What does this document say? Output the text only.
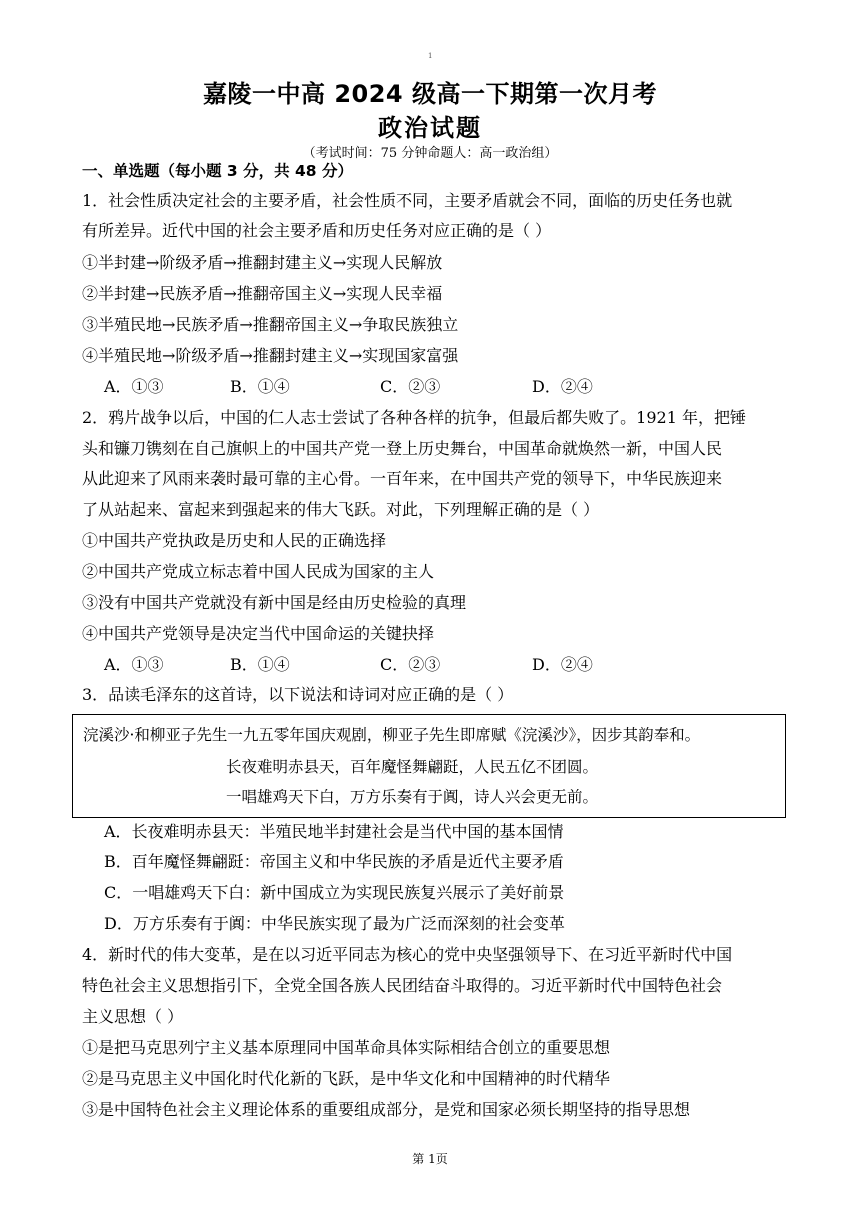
1
嘉陵一中高 2024 级高一下期第一次月考
政治试题
（考试时间：75 分钟命题人：高一政治组）
一、单选题（每小题 3 分，共 48 分）
1．社会性质决定社会的主要矛盾，社会性质不同，主要矛盾就会不同，面临的历史任务也就
有所差异。近代中国的社会主要矛盾和历史任务对应正确的是（ ）
①半封建→阶级矛盾→推翻封建主义→实现人民解放
②半封建→民族矛盾→推翻帝国主义→实现人民幸福
③半殖民地→民族矛盾→推翻帝国主义→争取民族独立
④半殖民地→阶级矛盾→推翻封建主义→实现国家富强
A．①③	B．①④	C．②③	D．②④
2．鸦片战争以后，中国的仁人志士尝试了各种各样的抗争，但最后都失败了。1921 年，把锤
头和镰刀镌刻在自己旗帜上的中国共产党一登上历史舞台，中国革命就焕然一新，中国人民
从此迎来了风雨来袭时最可靠的主心骨。一百年来，在中国共产党的领导下，中华民族迎来
了从站起来、富起来到强起来的伟大飞跃。对此，下列理解正确的是（ ）
①中国共产党执政是历史和人民的正确选择
②中国共产党成立标志着中国人民成为国家的主人
③没有中国共产党就没有新中国是经由历史检验的真理
④中国共产党领导是决定当代中国命运的关键抉择
A．①③	B．①④	C．②③	D．②④
3．品读毛泽东的这首诗，以下说法和诗词对应正确的是（ ）
浣溪沙·和柳亚子先生一九五零年国庆观剧，柳亚子先生即席赋《浣溪沙》，因步其韵奉和。
长夜难明赤县天，百年魔怪舞翩跹，人民五亿不团圆。
一唱雄鸡天下白，万方乐奏有于阗，诗人兴会更无前。
A．长夜难明赤县天：半殖民地半封建社会是当代中国的基本国情
B．百年魔怪舞翩跹：帝国主义和中华民族的矛盾是近代主要矛盾
C．一唱雄鸡天下白：新中国成立为实现民族复兴展示了美好前景
D．万方乐奏有于阗：中华民族实现了最为广泛而深刻的社会变革
4．新时代的伟大变革，是在以习近平同志为核心的党中央坚强领导下、在习近平新时代中国
特色社会主义思想指引下，全党全国各族人民团结奋斗取得的。习近平新时代中国特色社会
主义思想（ ）
①是把马克思列宁主义基本原理同中国革命具体实际相结合创立的重要思想
②是马克思主义中国化时代化新的飞跃，是中华文化和中国精神的时代精华
③是中国特色社会主义理论体系的重要组成部分，是党和国家必须长期坚持的指导思想
第 1页
